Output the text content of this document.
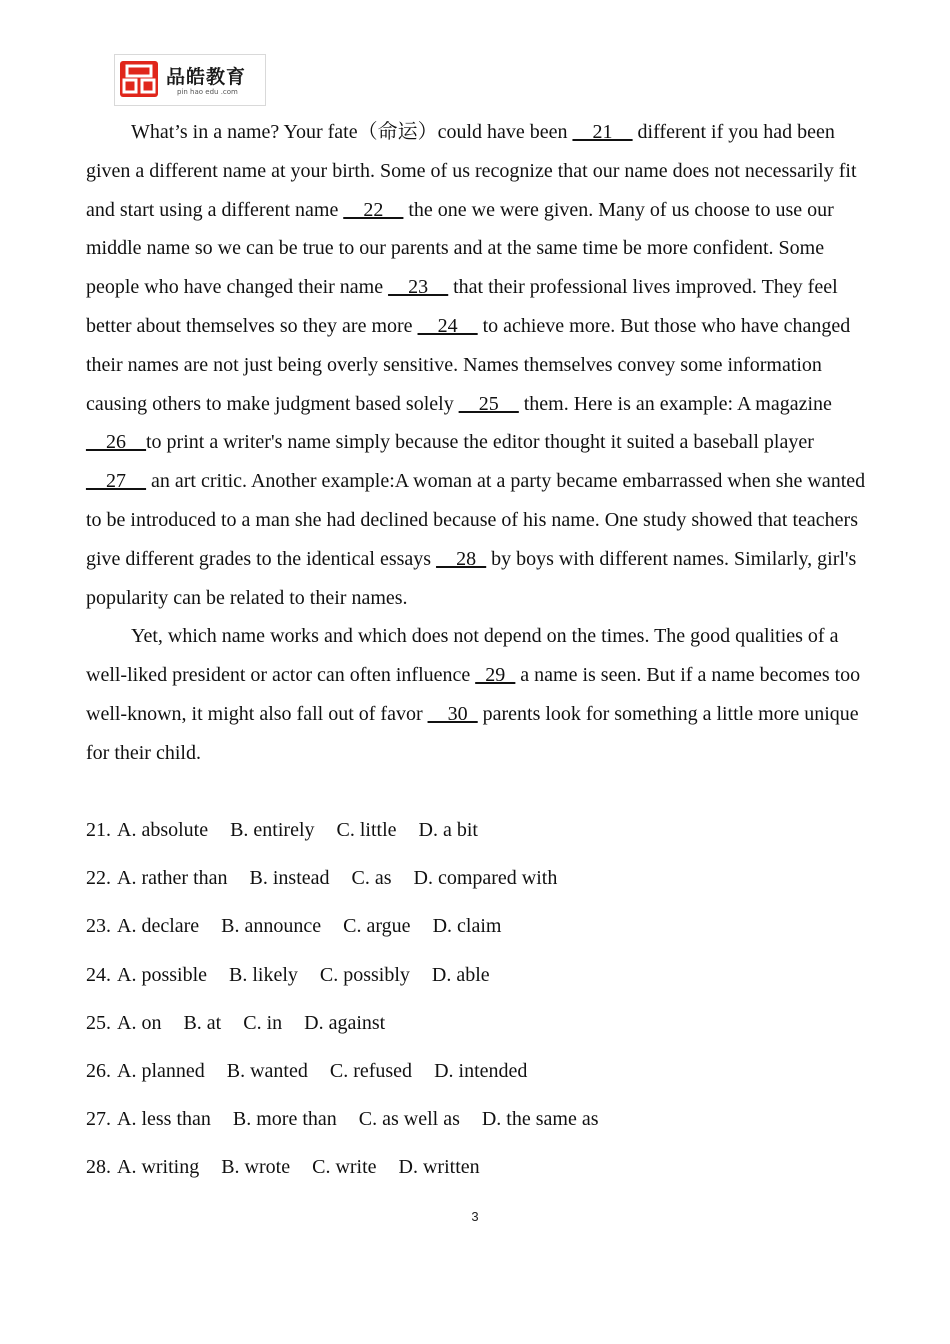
品皓教育
pin hao edu .com

What’s in a name? Your fate（命运）could have been __21__ different if you had been given a different name at your birth. Some of us recognize that our name does not necessarily fit and start using a different name __22__ the one we were given. Many of us choose to use our middle name so we can be true to our parents and at the same time be more confident. Some people who have changed their name __23__ that their professional lives improved. They feel better about themselves so they are more __24__ to achieve more. But those who have changed their names are not just being overly sensitive. Names themselves convey some information causing others to make judgment based solely __25__ them. Here is an example: A magazine __26__to print a writer's name simply because the editor thought it suited a baseball player __27__ an art critic. Another example:A woman at a party became embarrassed when she wanted to be introduced to a man she had declined because of his name. One study showed that teachers give different grades to the identical essays __28_ by boys with different names. Similarly, girl's popularity can be related to their names.

Yet, which name works and which does not depend on the times. The good qualities of a well-liked president or actor can often influence _29_ a name is seen. But if a name becomes too well-known, it might also fall out of favor __30_ parents look for something a little more unique for their child.

21. A. absolute B. entirely C. little D. a bit
22. A. rather than B. instead C. as D. compared with
23. A. declare B. announce C. argue D. claim
24. A. possible B. likely C. possibly D. able
25. A. on B. at C. in D. against
26. A. planned B. wanted C. refused D. intended
27. A. less than B. more than C. as well as D. the same as
28. A. writing B. wrote C. write D. written
3
